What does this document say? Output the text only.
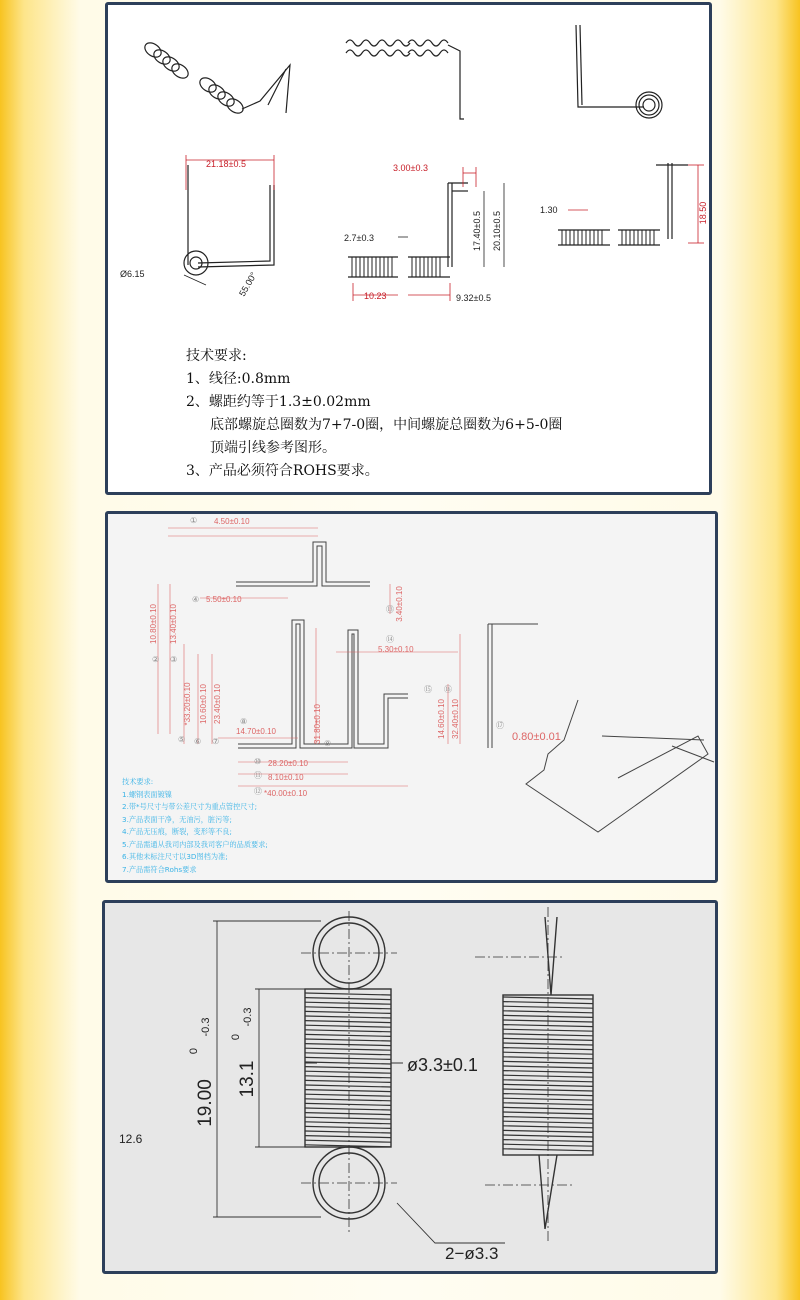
21.18±0.5	3.00±0.3
10.23
18.50
Ø6.15	55.00°
2.7±0.3	17.40±0.5 20.10±0.5
9.32±0.5
1.30
技术要求:
1、线径:0.8mm
2、螺距约等于1.3±0.02mm
底部螺旋总圈数为7+7-0圈，中间螺旋总圈数为6+5-0圈
顶端引线参考图形。
3、产品必须符合ROHS要求。
4.50±0.10
①
3.40±0.10
⑬
5.50±0.10
④
10.80±0.10
②
13.40±0.10
③
⑭
5.30±0.10
*33.20±0.10
⑤
10.60±0.10
⑥
23.40±0.10
⑦
14.70±0.10
⑧	31.80±0.10 ⑨
14.60±0.10
⑮
32.40±0.10
⑯
0.80±0.01
⑰
28.20±0.10
⑩
8.10±0.10
⑪
*40.00±0.10
⑫
技术要求:
1.螺钢表面镀镍
2.带*号尺寸与带公差尺寸为重点管控尺寸;
3.产品表面干净，无油污，脏污等;
4.产品无压痕，断裂，变形等不良;
5.产品需通从我司内部及我司客户的品质要求;
6.其他未标注尺寸以3D图档为准;
7.产品需符合Rohs要求
19.00
0
-0.3
13.1
0
-0.3
ø3.3±0.1
2−ø3.3
12.6
